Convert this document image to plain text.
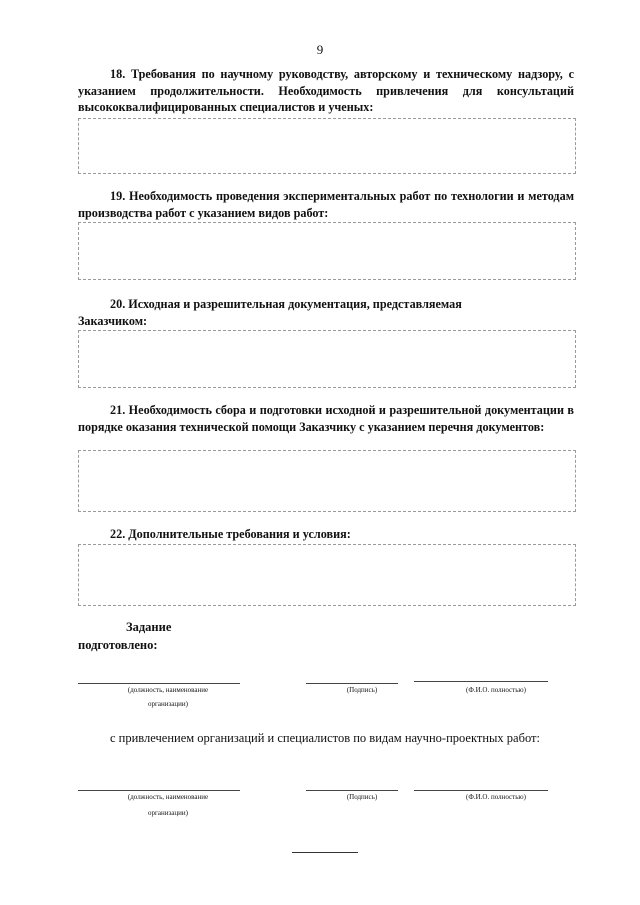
9
18. Требования по научному руководству, авторскому и техническому надзору, с указанием продолжительности. Необходимость привлечения для консультаций высококвалифицированных специалистов и ученых:
19. Необходимость проведения экспериментальных работ по технологии и методам производства работ с указанием видов работ:
20. Исходная и разрешительная документация, представляемая Заказчиком:
21. Необходимость сбора и подготовки исходной и разрешительной документации в порядке оказания технической помощи Заказчику с указанием перечня документов:
22. Дополнительные требования и условия:
Задание
подготовлено:
(должность, наименование
организации)
(Подпись)	(Ф.И.О. полностью)
с привлечением организаций и специалистов по видам научно-проектных работ:
(должность, наименование
организации)
(Подпись)	(Ф.И.О. полностью)
